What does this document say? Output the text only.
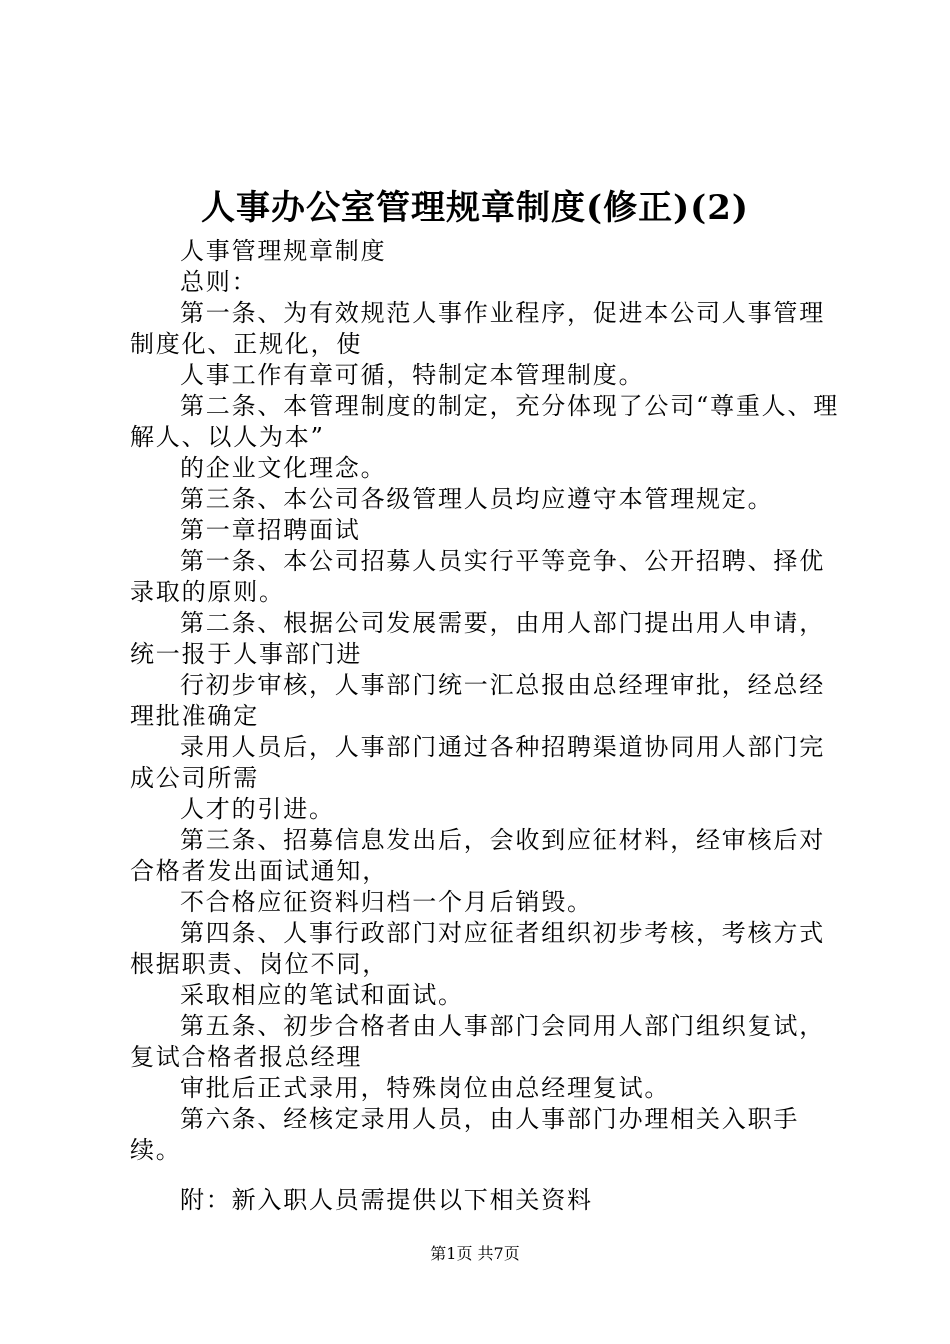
人事办公室管理规章制度(修正)(2)

人事管理规章制度

总则：

第一条、为有效规范人事作业程序，促进本公司人事管理制度化、正规化，使

人事工作有章可循，特制定本管理制度。

第二条、本管理制度的制定，充分体现了公司“尊重人、理解人、以人为本”

的企业文化理念。

第三条、本公司各级管理人员均应遵守本管理规定。

第一章招聘面试

第一条、本公司招募人员实行平等竞争、公开招聘、择优录取的原则。

第二条、根据公司发展需要，由用人部门提出用人申请，统一报于人事部门进

行初步审核，人事部门统一汇总报由总经理审批，经总经理批准确定

录用人员后，人事部门通过各种招聘渠道协同用人部门完成公司所需

人才的引进。

第三条、招募信息发出后，会收到应征材料，经审核后对合格者发出面试通知，

不合格应征资料归档一个月后销毁。

第四条、人事行政部门对应征者组织初步考核，考核方式根据职责、岗位不同，

采取相应的笔试和面试。

第五条、初步合格者由人事部门会同用人部门组织复试，复试合格者报总经理

审批后正式录用，特殊岗位由总经理复试。

第六条、经核定录用人员，由人事部门办理相关入职手续。

附：新入职人员需提供以下相关资料

第1页 共7页
